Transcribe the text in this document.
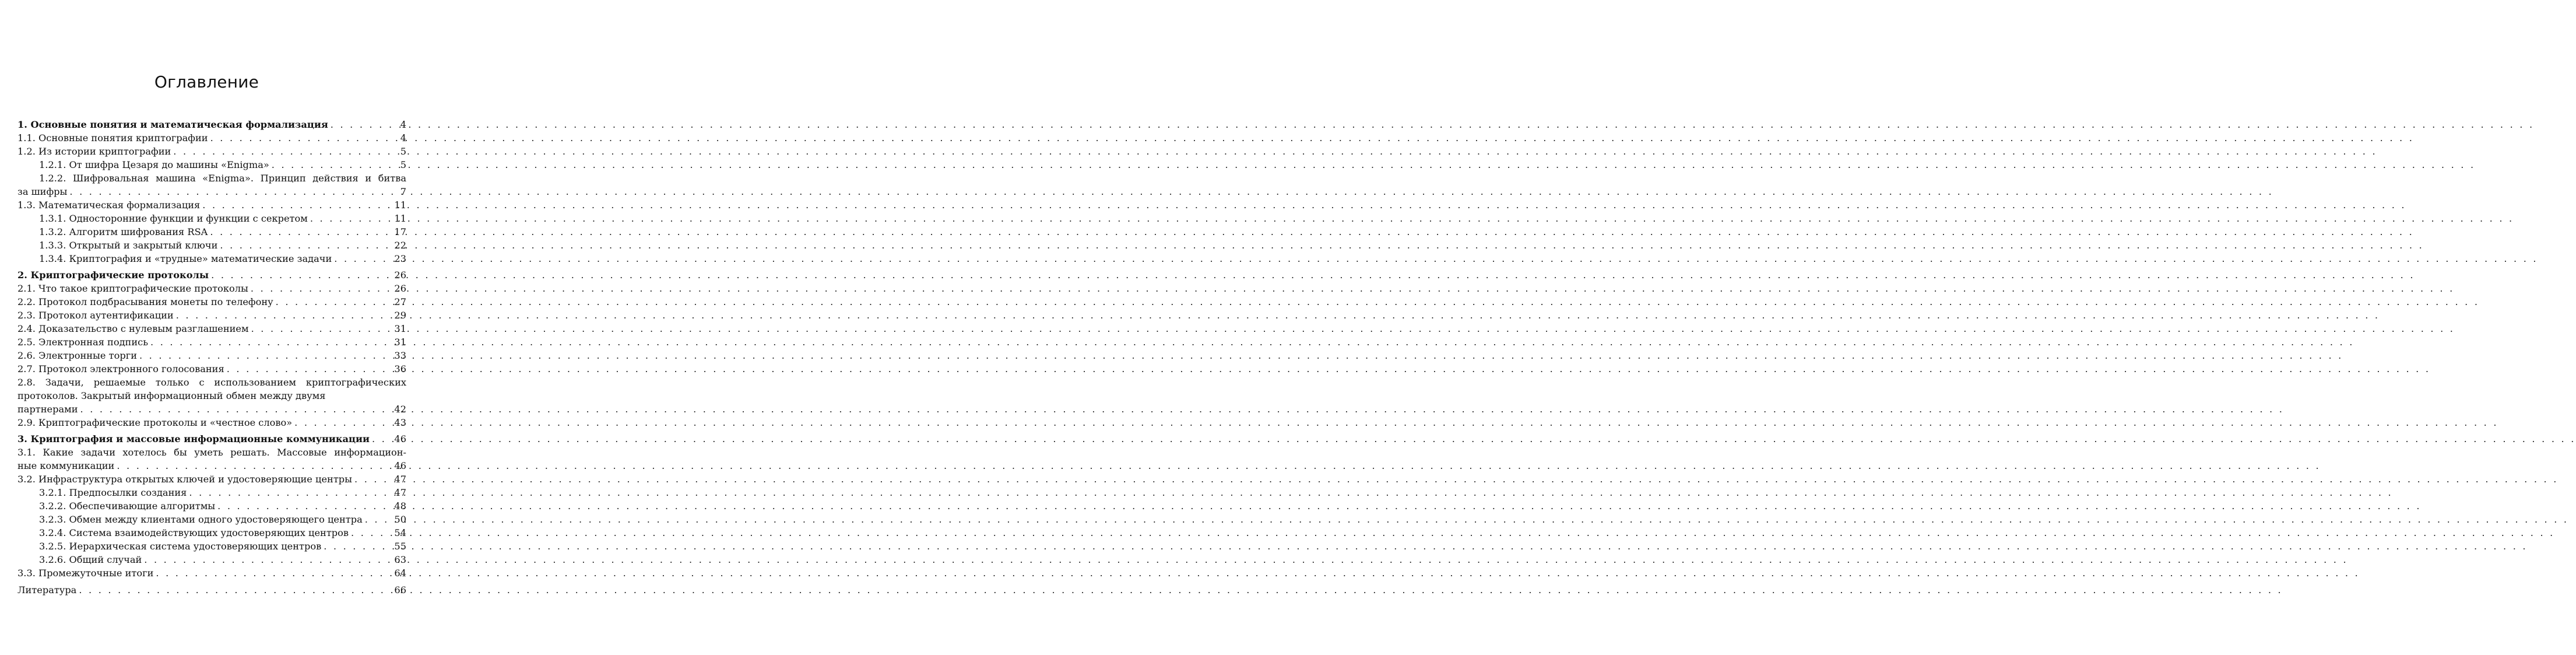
Оглавление
1. Основные понятия и математическая формализация . . .	4
1.1. Основные понятия криптографии . . .	4
1.2. Из истории криптографии . . .	5
1.2.1. От шифра Цезаря до машины «Enigma» . . .	5
1.2.2. Шифровальная машина «Enigma». Принцип действия и битва
за шифры . . .	7
1.3. Математическая формализация . . .	11
1.3.1. Односторонние функции и функции с секретом . . .	11
1.3.2. Алгоритм шифрования RSA . . .	17
1.3.3. Открытый и закрытый ключи . . .	22
1.3.4. Криптография и «трудные» математические задачи . . .	23
2. Криптографические протоколы . . .	26
2.1. Что такое криптографические протоколы . . .	26
2.2. Протокол подбрасывания монеты по телефону . . .	27
2.3. Протокол аутентификации . . .	29
2.4. Доказательство с нулевым разглашением . . .	31
2.5. Электронная подпись . . .	31
2.6. Электронные торги . . .	33
2.7. Протокол электронного голосования . . .	36
2.8. Задачи, решаемые только с использованием криптографических
протоколов. Закрытый информационный обмен между двумя
партнерами . . .	42
2.9. Криптографические протоколы и «честное слово» . . .	43
3. Криптография и массовые информационные коммуникации . . .	46
3.1. Какие задачи хотелось бы уметь решать. Массовые информацион-
ные коммуникации . . .	46
3.2. Инфраструктура открытых ключей и удостоверяющие центры . . .	47
3.2.1. Предпосылки создания . . .	47
3.2.2. Обеспечивающие алгоритмы . . .	48
3.2.3. Обмен между клиентами одного удостоверяющего центра . . .	50
3.2.4. Система взаимодействующих удостоверяющих центров . . .	54
3.2.5. Иерархическая система удостоверяющих центров . . .	55
3.2.6. Общий случай . . .	63
3.3. Промежуточные итоги . . .	64
Литература . . .	66
